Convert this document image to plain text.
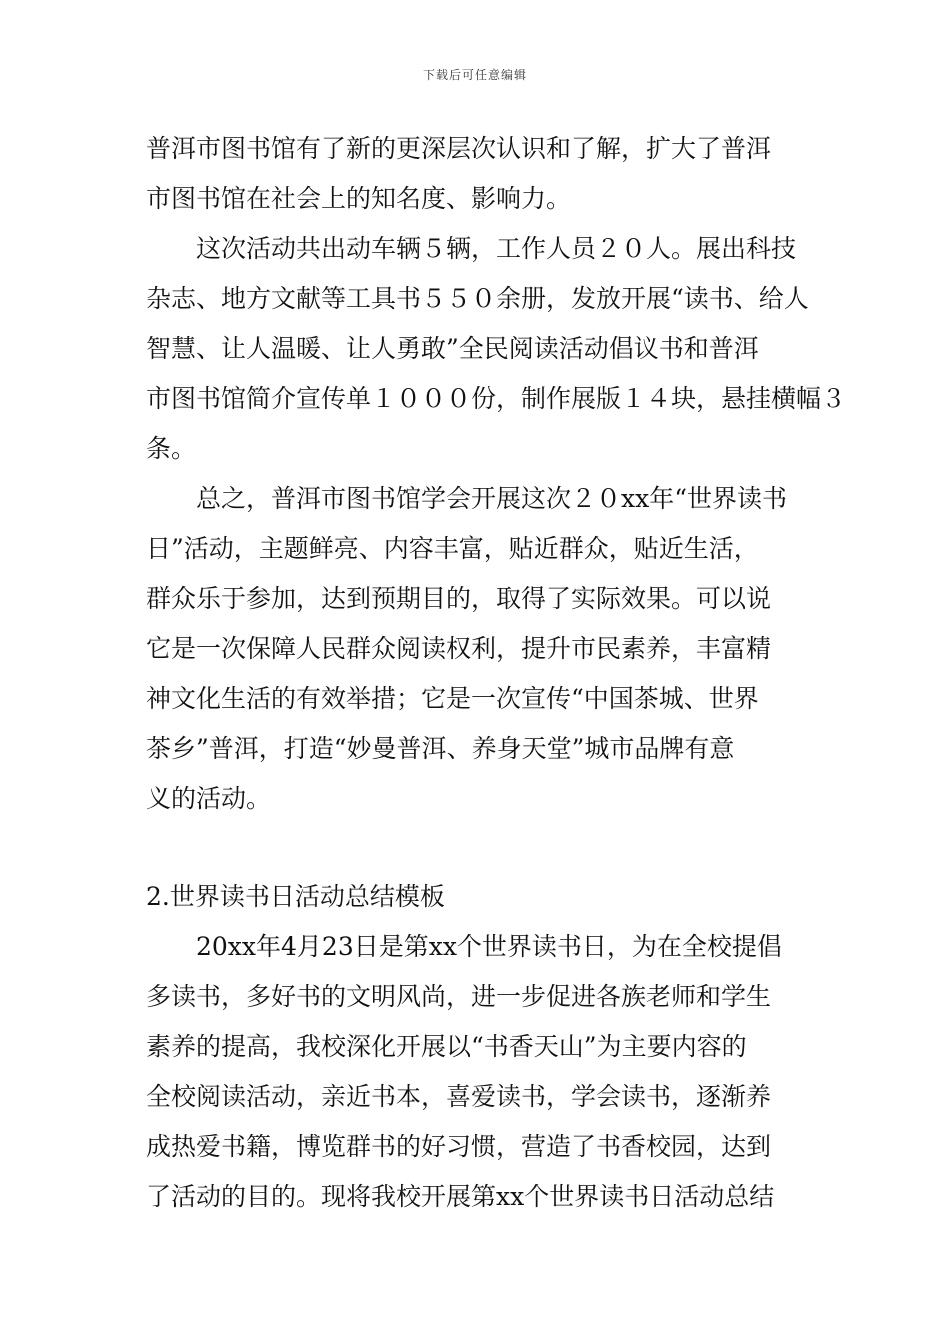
下载后可任意编辑
普洱市图书馆有了新的更深层次认识和了解，扩大了普洱
市图书馆在社会上的知名度、影响力。
这次活动共出动车辆５辆，工作人员２０人。展出科技
杂志、地方文献等工具书５５０余册，发放开展“读书、给人
智慧、让人温暖、让人勇敢”全民阅读活动倡议书和普洱
市图书馆简介宣传单１０００份，制作展版１４块，悬挂横幅３
条。
总之，普洱市图书馆学会开展这次２０xx年“世界读书
日”活动，主题鲜亮、内容丰富，贴近群众，贴近生活，
群众乐于参加，达到预期目的，取得了实际效果。可以说
它是一次保障人民群众阅读权利，提升市民素养，丰富精
神文化生活的有效举措；它是一次宣传“中国茶城、世界
茶乡”普洱，打造“妙曼普洱、养身天堂”城市品牌有意
义的活动。
2.世界读书日活动总结模板
20xx年4月23日是第xx个世界读书日，为在全校提倡
多读书，多好书的文明风尚，进一步促进各族老师和学生
素养的提高，我校深化开展以“书香天山”为主要内容的
全校阅读活动，亲近书本，喜爱读书，学会读书，逐渐养
成热爱书籍，博览群书的好习惯，营造了书香校园，达到
了活动的目的。现将我校开展第xx个世界读书日活动总结
